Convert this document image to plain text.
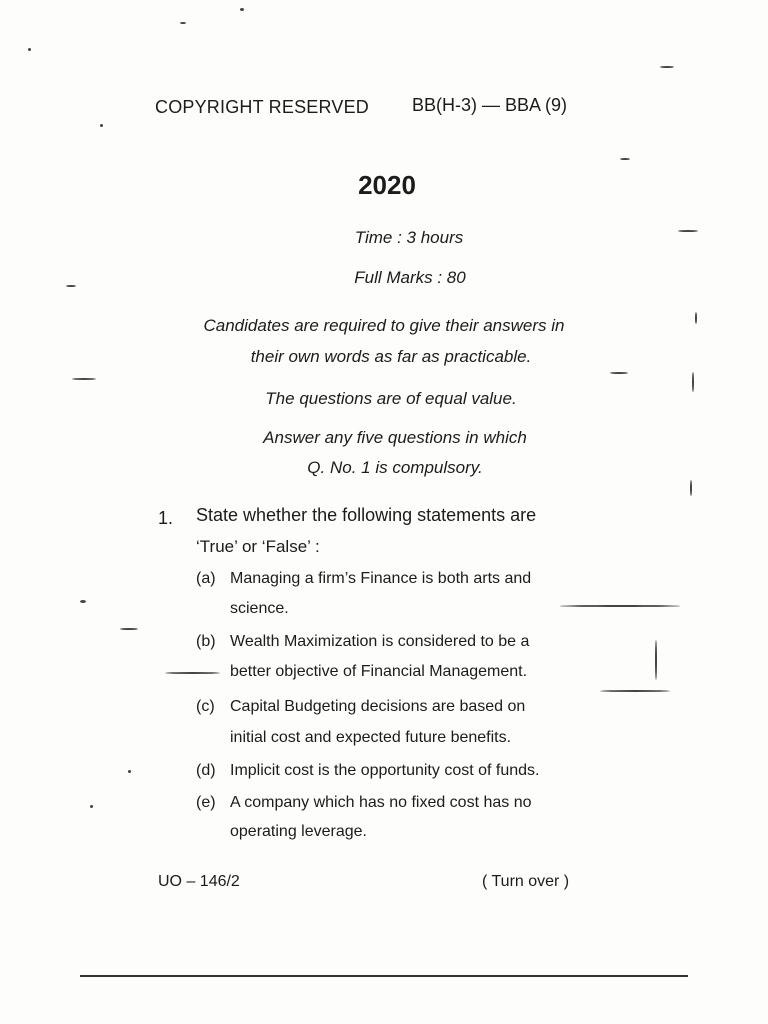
COPYRIGHT RESERVED BB(H-3) — BBA (9)
2020
Time : 3 hours
Full Marks : 80
Candidates are required to give their answers in
their own words as far as practicable.
The questions are of equal value.
Answer any five questions in which
Q. No. 1 is compulsory.
1. State whether the following statements are
‘True’ or ‘False’ :
(a) Managing a firm’s Finance is both arts and
science.
(b) Wealth Maximization is considered to be a
better objective of Financial Management.
(c) Capital Budgeting decisions are based on
initial cost and expected future benefits.
(d) Implicit cost is the opportunity cost of funds.
(e) A company which has no fixed cost has no
operating leverage.
UO – 146/2	( Turn over )
